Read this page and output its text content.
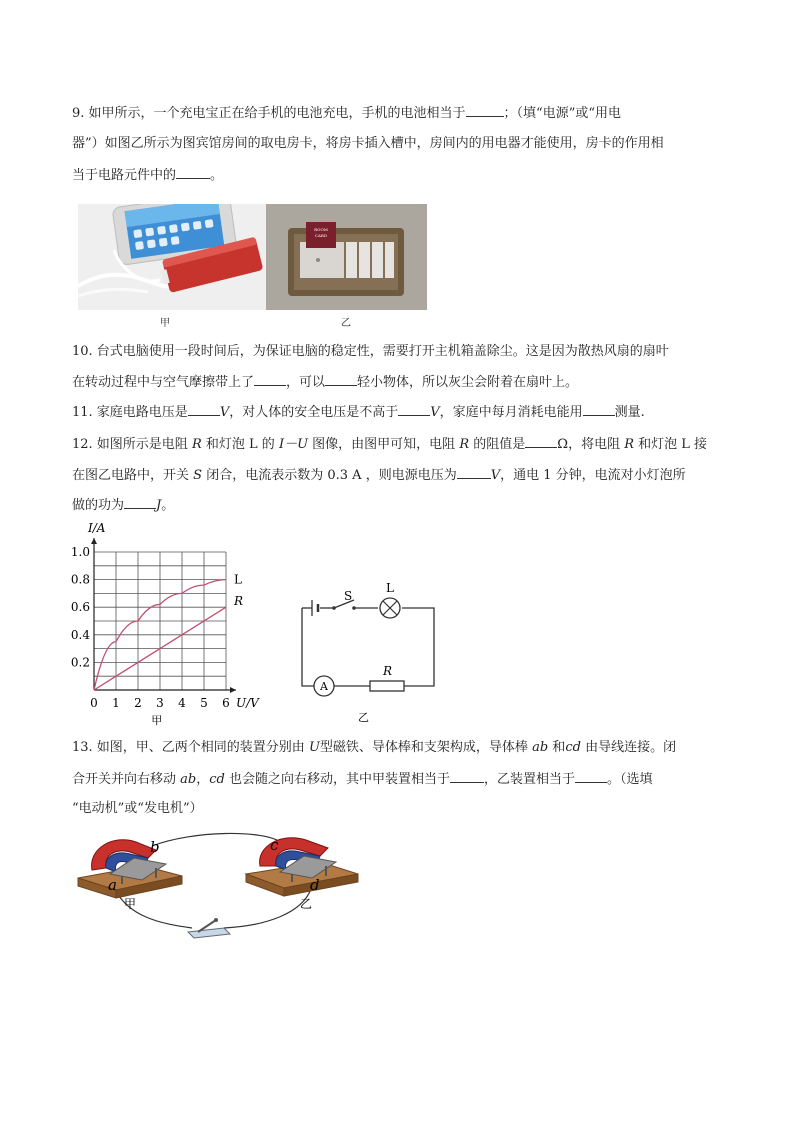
9. 如甲所示，一个充电宝正在给手机的电池充电，手机的电池相当于	；（填“电源”或“用电
器”）如图乙所示为图宾馆房间的取电房卡，将房卡插入槽中，房间内的用电器才能使用，房卡的作用相
当于电路元件中的	。
ROOM
CARD
甲	乙
10. 台式电脑使用一段时间后，为保证电脑的稳定性，需要打开主机箱盖除尘。这是因为散热风扇的扇叶
在转动过程中与空气摩擦带上了 ，可以 轻小物体，所以灰尘会附着在扇叶上。
11. 家庭电路电压是 V，对人体的安全电压是不高于 V，家庭中每月消耗电能用 测量.
12. 如图所示是电阻 R 和灯泡 L 的 I－U 图像，由图甲可知，电阻 R 的阻值是 Ω，将电阻 R 和灯泡 L 接
在图乙电路中，开关 S 闭合，电流表示数为 0.3 A ，则电源电压为	V，通电 1 分钟，电流对小灯泡所
做的功为 J。
1.0
0.8
0.6
0.4
0.2
0 1 2 3 4 5 6
I/A
U/V
L
R
甲
A
S
L
R
乙
13. 如图，甲、乙两个相同的装置分别由 U型磁铁、导体棒和支架构成，导体棒 ab 和cd 由导线连接。闭
合开关并向右移动 ab，cd 也会随之向右移动，其中甲装置相当于	，乙装置相当于 。（选填
“电动机”或“发电机”）
a
b	c
d
甲	乙
